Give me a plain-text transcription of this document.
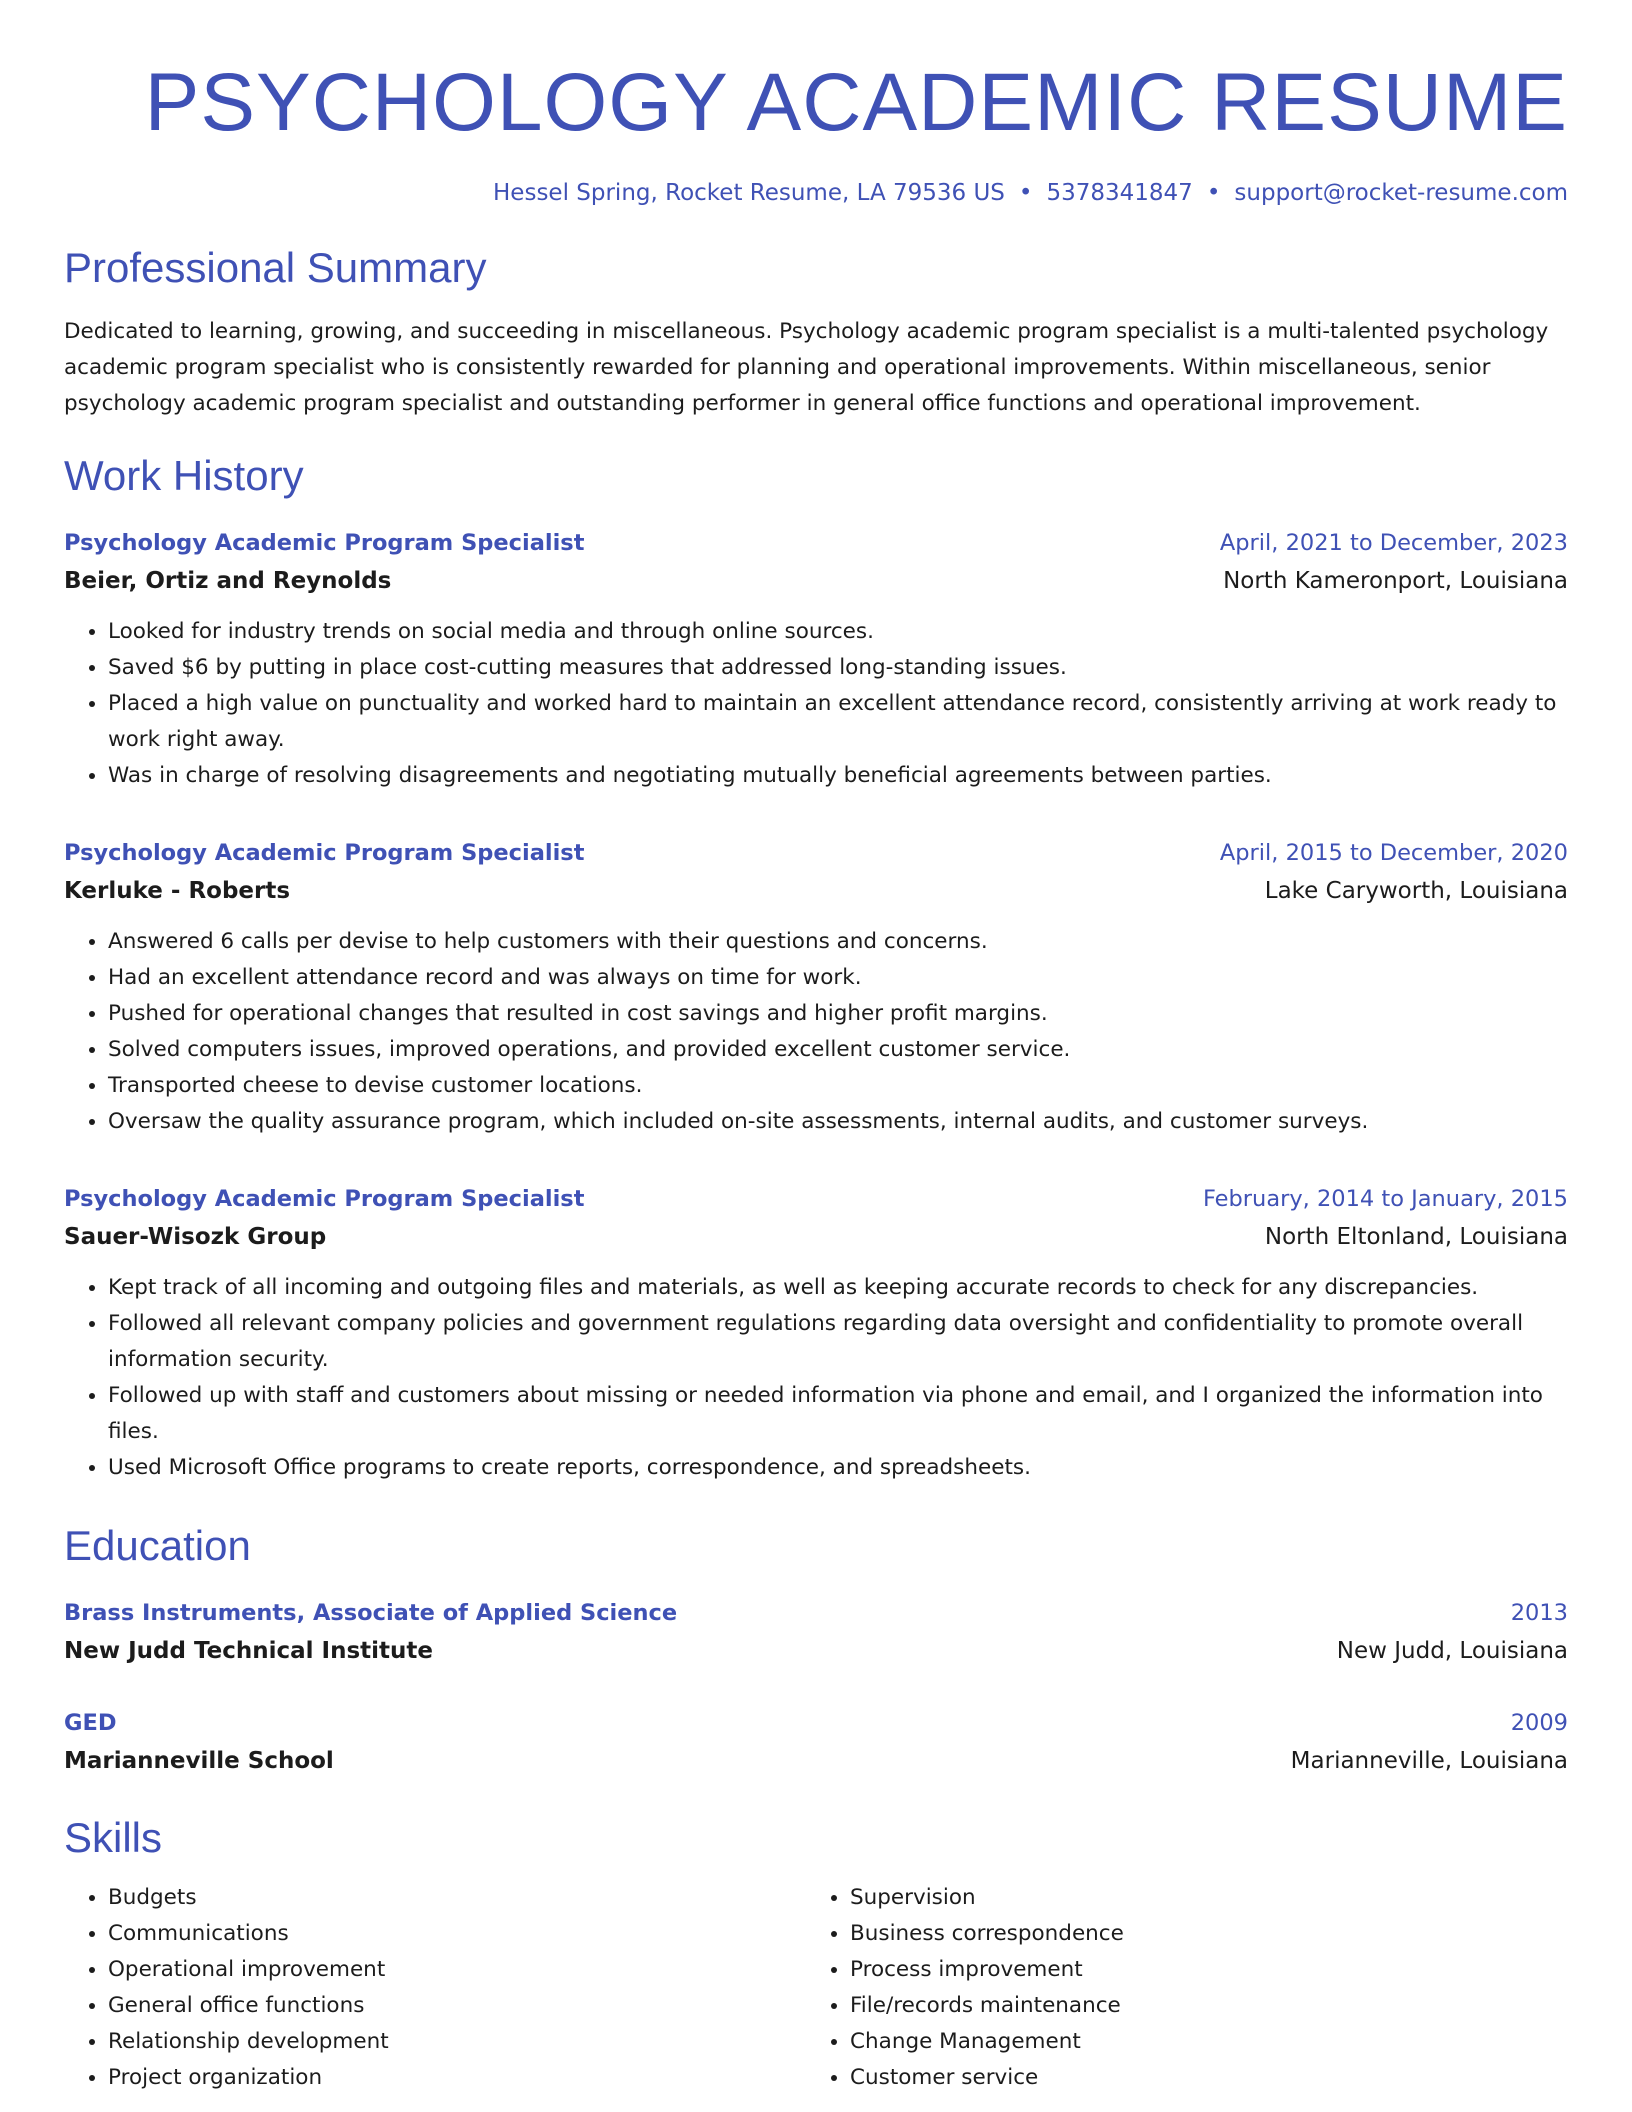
PSYCHOLOGY ACADEMIC RESUME
Hessel Spring, Rocket Resume, LA 79536 US • 5378341847 • support@rocket-resume.com
Professional Summary
Dedicated to learning, growing, and succeeding in miscellaneous. Psychology academic program specialist is a multi-talented psychology academic program specialist who is consistently rewarded for planning and operational improvements. Within miscellaneous, senior psychology academic program specialist and outstanding performer in general office functions and operational improvement.
Work History
Psychology Academic Program Specialist	April, 2021 to December, 2023
Beier, Ortiz and Reynolds	North Kameronport, Louisiana
• Looked for industry trends on social media and through online sources.
• Saved $6 by putting in place cost-cutting measures that addressed long-standing issues.
• Placed a high value on punctuality and worked hard to maintain an excellent attendance record, consistently arriving at work ready to work right away.
• Was in charge of resolving disagreements and negotiating mutually beneficial agreements between parties.
Psychology Academic Program Specialist	April, 2015 to December, 2020
Kerluke - Roberts	Lake Caryworth, Louisiana
• Answered 6 calls per devise to help customers with their questions and concerns.
• Had an excellent attendance record and was always on time for work.
• Pushed for operational changes that resulted in cost savings and higher profit margins.
• Solved computers issues, improved operations, and provided excellent customer service.
• Transported cheese to devise customer locations.
• Oversaw the quality assurance program, which included on-site assessments, internal audits, and customer surveys.
Psychology Academic Program Specialist	February, 2014 to January, 2015
Sauer-Wisozk Group	North Eltonland, Louisiana
• Kept track of all incoming and outgoing files and materials, as well as keeping accurate records to check for any discrepancies.
• Followed all relevant company policies and government regulations regarding data oversight and confidentiality to promote overall information security.
• Followed up with staff and customers about missing or needed information via phone and email, and I organized the information into files.
• Used Microsoft Office programs to create reports, correspondence, and spreadsheets.
Education
Brass Instruments, Associate of Applied Science	2013
New Judd Technical Institute	New Judd, Louisiana
GED	2009
Marianneville School	Marianneville, Louisiana
Skills
• Budgets
• Communications
• Operational improvement
• General office functions
• Relationship development
• Project organization
• Supervision
• Business correspondence
• Process improvement
• File/records maintenance
• Change Management
• Customer service
